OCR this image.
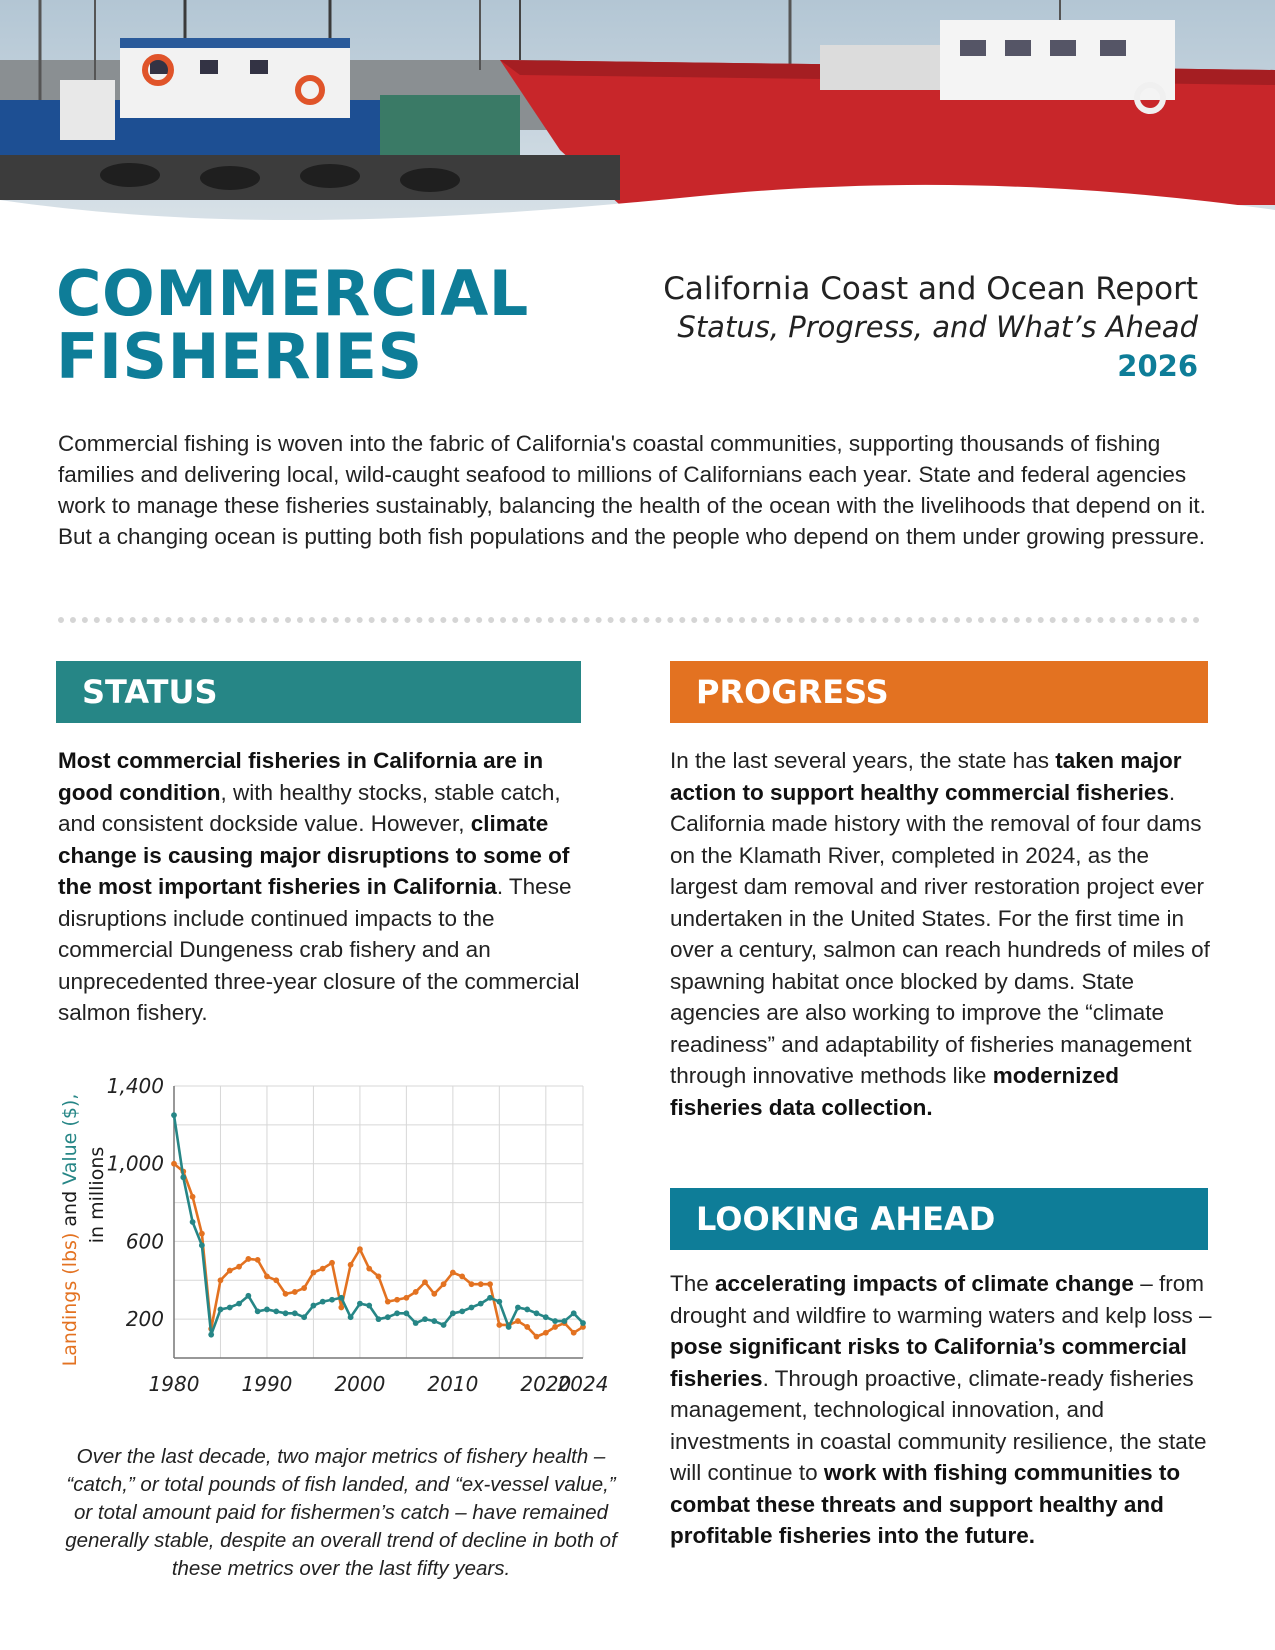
COMMERCIAL
FISHERIES
California Coast and Ocean Report
Status, Progress, and What’s Ahead
2026

Commercial fishing is woven into the fabric of California's coastal communities, supporting thousands of fishing families and delivering local, wild-caught seafood to millions of Californians each year. State and federal agencies work to manage these fisheries sustainably, balancing the health of the ocean with the livelihoods that depend on it. But a changing ocean is putting both fish populations and the people who depend on them under growing pressure.

STATUS

Most commercial fisheries in California are in good condition, with healthy stocks, stable catch, and consistent dockside value. However, climate change is causing major disruptions to some of the most important fisheries in California. These disruptions include continued impacts to the commercial Dungeness crab fishery and an unprecedented three-year closure of the commercial salmon fishery.

PROGRESS

In the last several years, the state has taken major action to support healthy commercial fisheries. California made history with the removal of four dams on the Klamath River, completed in 2024, as the largest dam removal and river restoration project ever undertaken in the United States. For the first time in over a century, salmon can reach hundreds of miles of spawning habitat once blocked by dams. State agencies are also working to improve the “climate readiness” and adaptability of fisheries management through innovative methods like modernized fisheries data collection.

LOOKING AHEAD

The accelerating impacts of climate change – from drought and wildfire to warming waters and kelp loss – pose significant risks to California’s commercial fisheries. Through proactive, climate-ready fisheries management, technological innovation, and investments in coastal community resilience, the state will continue to work with fishing communities to combat these threats and support healthy and profitable fisheries into the future.

1,400
1,000
600
200
1980 1990 2000 2010 2020
2024
Landings (lbs) and Value ($),
in millions

Over the last decade, two major metrics of fishery health – “catch,” or total pounds of fish landed, and “ex-vessel value,” or total amount paid for fishermen’s catch – have remained generally stable, despite an overall trend of decline in both of these metrics over the last fifty years.
